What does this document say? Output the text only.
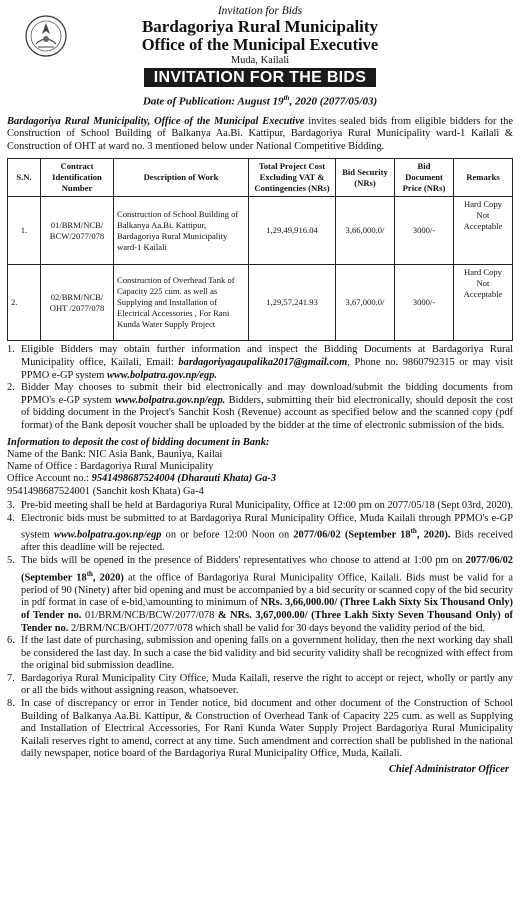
Invitation for Bids
Bardagoriya Rural Municipality
Office of the Municipal Executive
Muda, Kailali
INVITATION FOR THE BIDS
Date of Publication: August 19th, 2020 (2077/05/03)

Bardagoriya Rural Municipality, Office of the Municipal Executive invites sealed bids from eligible bidders for the Construction of School Building of Balkanya Aa.Bi. Kattipur, Bardagoriya Rural Municipality ward-1 Kailali & Construction of OHT at ward no. 3 mentioned below under National Competitive Bidding.

S.N.	Contract Identification Number	Description of Work	Total Project Cost Excluding VAT & Contingencies (NRs)	Bid Security (NRs)	Bid Document Price (NRs)	Remarks
1.	01/BRM/NCB/ BCW/2077/078	Construction of School Building of Balkanya Aa.Bi. Kattipur, Bardagoriya Rural Municipality ward-1 Kailali	1,29,49,916.04	3,66,000.0/	3000/-	Hard Copy Not Acceptable
2.	02/BRM/NCB/ OHT /2077/078	Construction of Overhead Tank of Capacity 225 cum. as well as Supplying and Installation of Electrical Accessories , For Rani Kunda Water Supply Project	1,29,57,241.93	3,67,000.0/	3000/-	Hard Copy Not Acceptable
1. Eligible Bidders may obtain further information and inspect the Bidding Documents at Bardagoriya Rural Municipality office, Kailali, Email: bardagoriyagaupalika2017@gmail.com, Phone no. 9860792315 or may visit PPMO e-GP system www.bolpatra.gov.np/egp.
2. Bidder May chooses to submit their bid electronically and may download/submit the bidding documents from PPMO's e-GP system www.bolpatra.gov.np/egp. Bidders, submitting their bid electronically, should deposit the cost of bidding document in the Project's Sanchit Kosh (Revenue) account as specified below and the scanned copy (pdf format) of the Bank deposit voucher shall be uploaded by the bidder at the time of electronic submission of the bids.
Information to deposit the cost of bidding document in Bank:
Name of the Bank: NIC Asia Bank, Bauniya, Kailai
Name of Office : Bardagoriya Rural Municipality
Office Account no.: 9541498687524004 (Dharauti Khata) Ga-3
9541498687524001 (Sanchit kosh Khata) Ga-4
3. Pre-bid meeting shall be held at Bardagoriya Rural Municipality, Office at 12:00 pm on 2077/05/18 (Sept 03rd, 2020).
4. Electronic bids must be submitted to at Bardagoriya Rural Municipality Office, Muda Kailali through PPMO's e-GP system www.bolpatra.gov.np/egp on or before 12:00 Noon on 2077/06/02 (September 18th, 2020). Bids received after this deadline will be rejected.
5. The bids will be opened in the presence of Bidders' representatives who choose to attend at 1:00 pm on 2077/06/02 (September 18th, 2020) at the office of Bardagoriya Rural Municipality Office, Kailali. Bids must be valid for a period of 90 (Ninety) after bid opening and must be accompanied by a bid security or scanned copy of the bid security in pdf format in case of e-bid,\amounting to minimum of NRs. 3,66,000.00/ (Three Lakh Sixty Six Thousand Only) of Tender no. 01/BRM/NCB/BCW/2077/078 & NRs. 3,67,000.00/ (Three Lakh Sixty Seven Thousand Only) of Tender no. 2/BRM/NCB/OHT/2077/078 which shall be valid for 30 days beyond the validity period of the bid.
6. If the last date of purchasing, submission and opening falls on a government holiday, then the next working day shall be considered the last day. In such a case the bid validity and bid security validity shall be recognized with effect from the original bid submission deadline.
7. Bardagoriya Rural Municipality City Office, Muda Kailali, reserve the right to accept or reject, wholly or partly any or all the bids without assigning reason, whatsoever.
8. In case of discrepancy or error in Tender notice, bid document and other document of the Construction of School Building of Balkanya Aa.Bi. Kattipur, & Construction of Overhead Tank of Capacity 225 cum. as well as Supplying and Installation of Electrical Accessories, For Rani Kunda Water Supply Project Bardagoriya Rural Municipality Kailali reserves right to amend, correct at any time. Such amendment and correction shall be published in the national daily newspaper, notice board of the Bardagoriya Rural Municipality Office, Muda, Kailali.
Chief Administrator Officer
